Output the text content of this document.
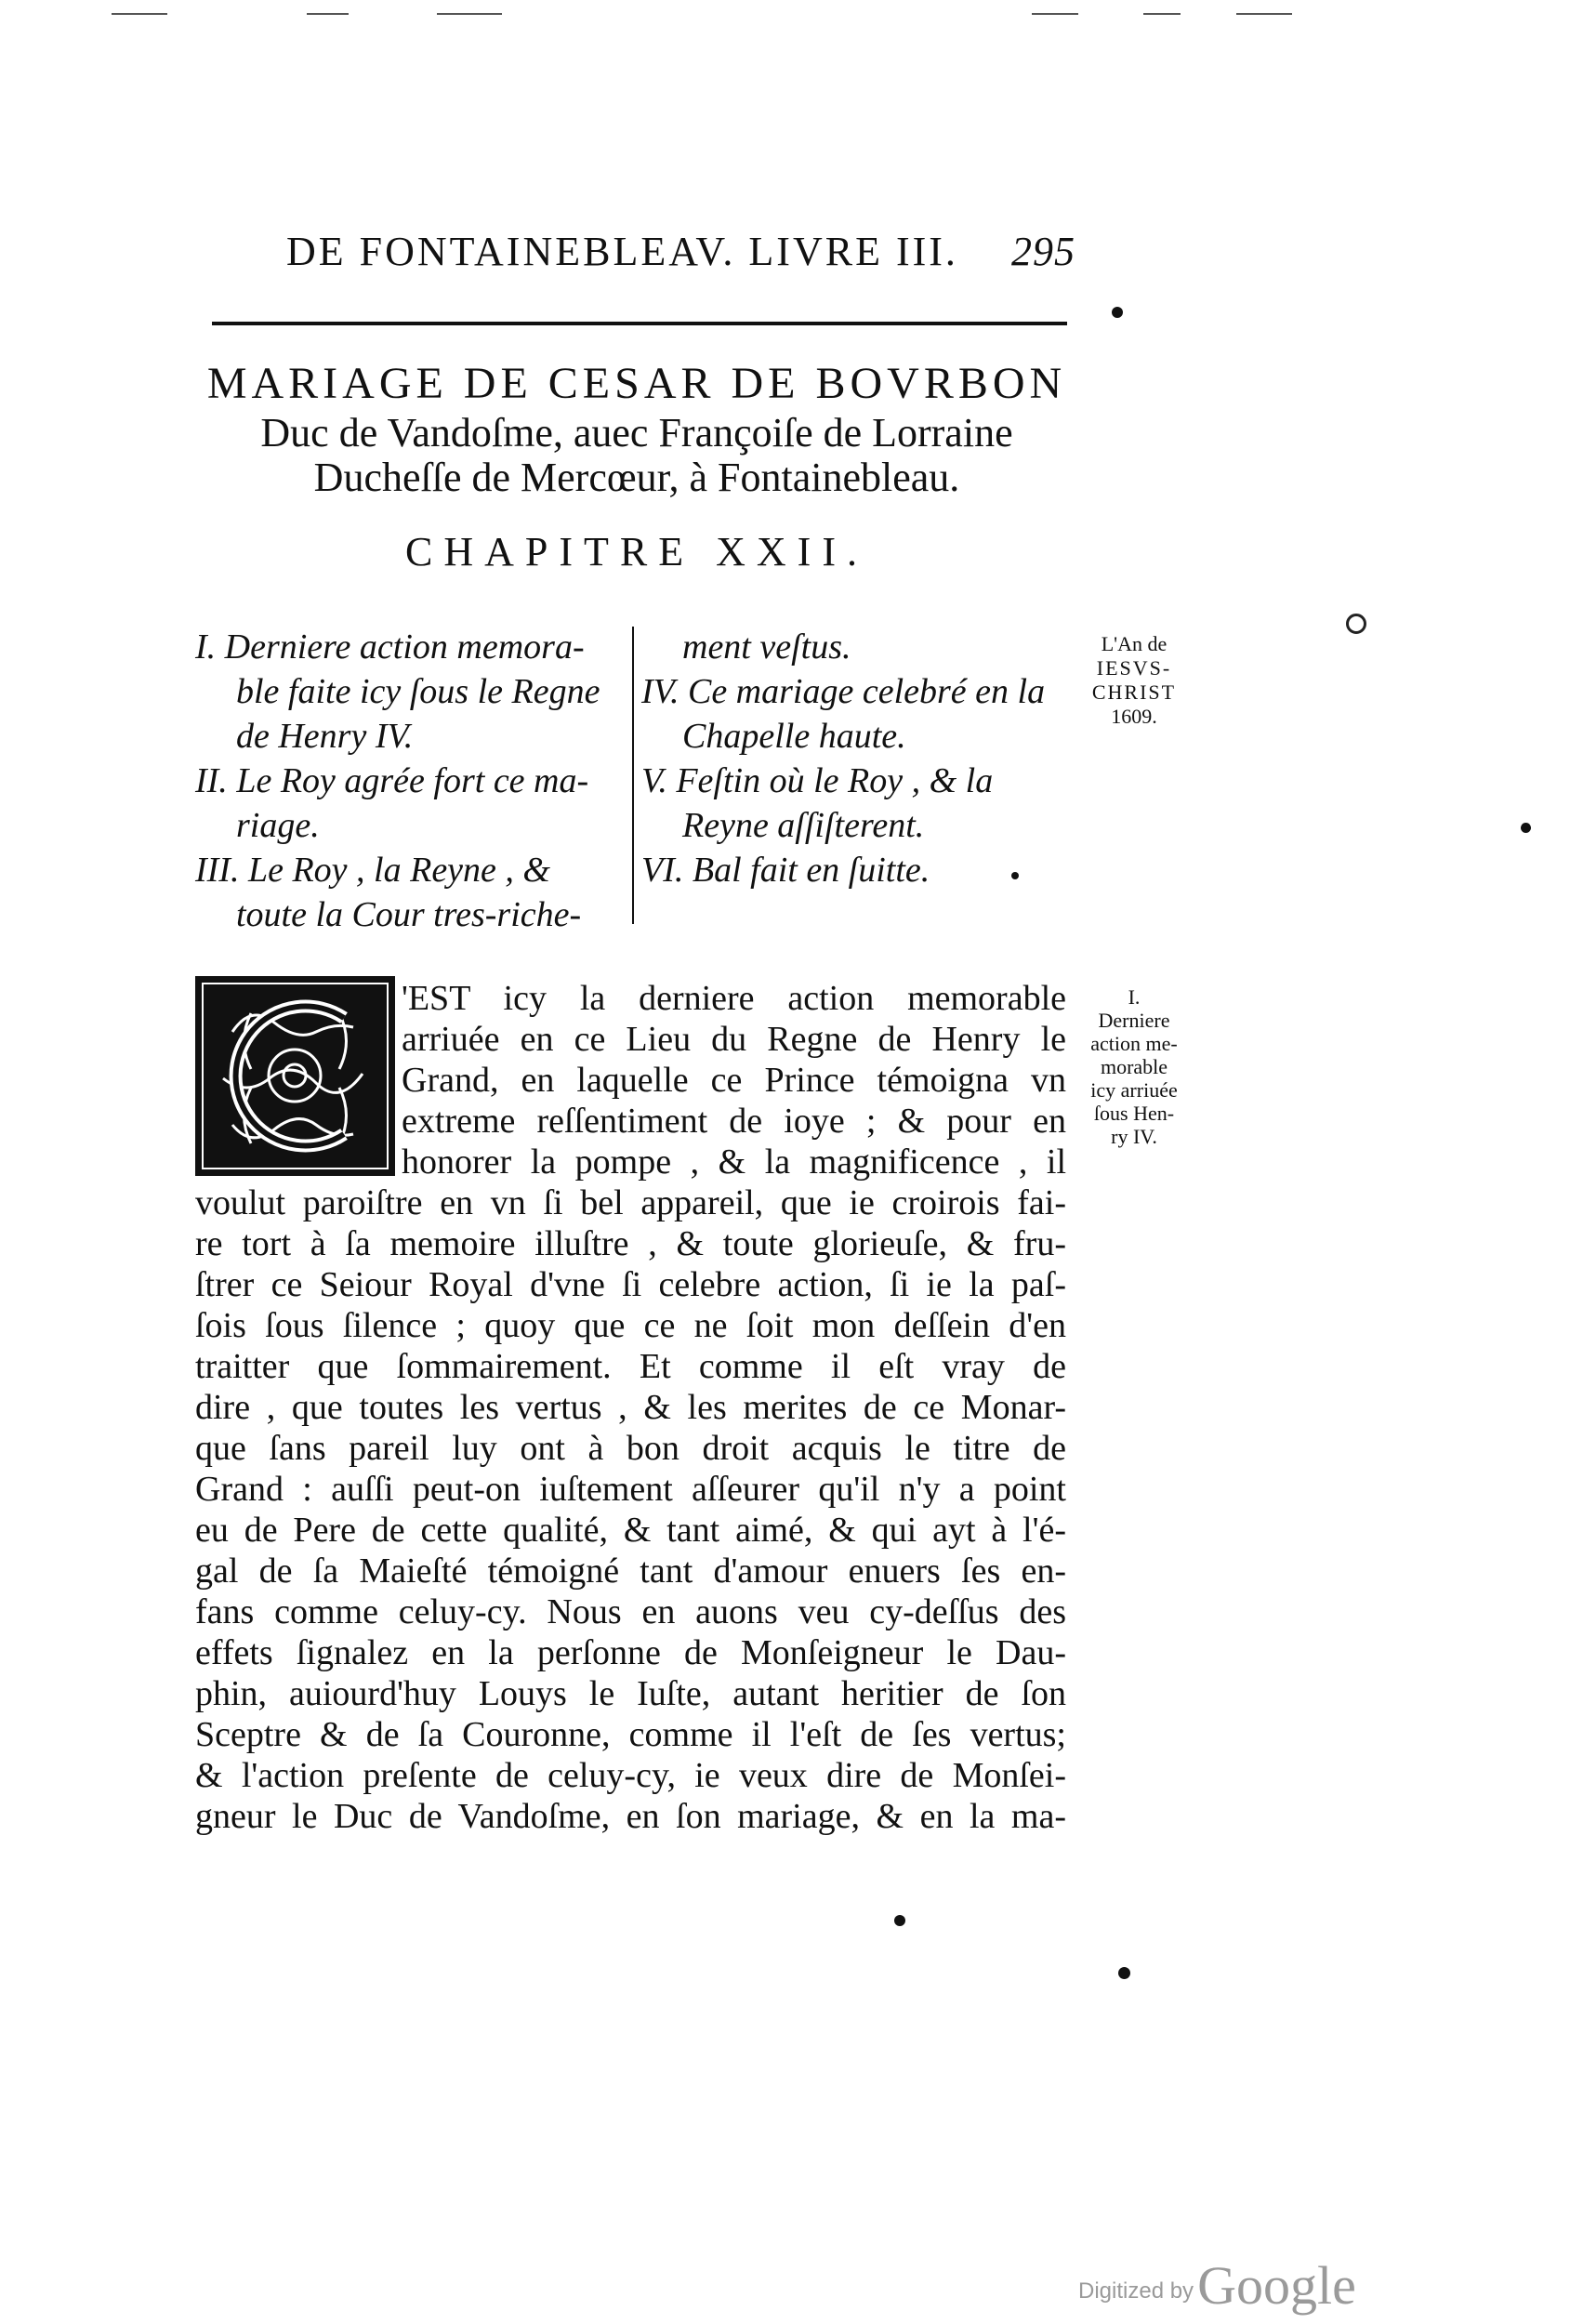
DE FONTAINEBLEAV. LIVRE III. 295
MARIAGE DE CESAR DE BOVRBON
Duc de Vandoſme, auec Françoiſe de Lorraine
Ducheſſe de Mercœur, à Fontainebleau.
CHAPITRE XXII.
I. Derniere action memora-
ble faite icy ſous le Regne
de Henry IV.
II. Le Roy agrée fort ce ma-
riage.
III. Le Roy , la Reyne , &
toute la Cour tres-riche-
ment veſtus.
IV. Ce mariage celebré en la
Chapelle haute.
V. Feſtin où le Roy , & la
Reyne aſſiſterent.
VI. Bal fait en ſuitte.
L'An de
IESVS-
CHRIST
1609.
'EST icy la derniere action memorable
arriuée en ce Lieu du Regne de Henry le
Grand, en laquelle ce Prince témoigna vn
extreme reſſentiment de ioye ; & pour en
honorer la pompe , & la magnificence , il
voulut paroiſtre en vn ſi bel appareil, que ie croirois fai-
re tort à ſa memoire illuſtre , & toute glorieuſe, & fru-
ſtrer ce Seiour Royal d'vne ſi celebre action, ſi ie la paſ-
ſois ſous ſilence ; quoy que ce ne ſoit mon deſſein d'en
traitter que ſommairement. Et comme il eſt vray de
dire , que toutes les vertus , & les merites de ce Monar-
que ſans pareil luy ont à bon droit acquis le titre de
Grand : auſſi peut-on iuſtement aſſeurer qu'il n'y a point
eu de Pere de cette qualité, & tant aimé, & qui ayt à l'é-
gal de ſa Maieſté témoigné tant d'amour enuers ſes en-
fans comme celuy-cy. Nous en auons veu cy-deſſus des
effets ſignalez en la perſonne de Monſeigneur le Dau-
phin, auiourd'huy Louys le Iuſte, autant heritier de ſon
Sceptre & de ſa Couronne, comme il l'eſt de ſes vertus;
& l'action preſente de celuy-cy, ie veux dire de Monſei-
gneur le Duc de Vandoſme, en ſon mariage, & en la ma-
I.
Derniere
action me-
morable
icy arriuée
ſous Hen-
ry IV.
Digitized by Google
